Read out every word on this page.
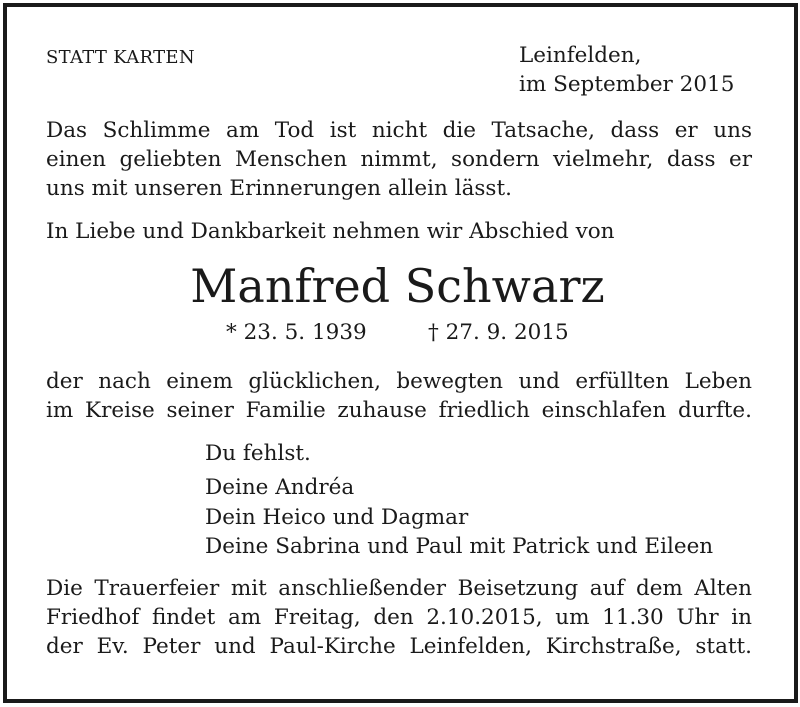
STATT KARTEN	Leinfelden,
im September 2015
Das Schlimme am Tod ist nicht die Tatsache, dass er uns
einen geliebten Menschen nimmt, sondern vielmehr, dass er
uns mit unseren Erinnerungen allein lässt.
In Liebe und Dankbarkeit nehmen wir Abschied von
Manfred Schwarz
* 23. 5. 1939	† 27. 9. 2015
der nach einem glücklichen, bewegten und erfüllten Leben
im Kreise seiner Familie zuhause friedlich einschlafen durfte.
Du fehlst.
Deine Andréa
Dein Heico und Dagmar
Deine Sabrina und Paul mit Patrick und Eileen
Die Trauerfeier mit anschließender Beisetzung auf dem Alten
Friedhof findet am Freitag, den 2.10.2015, um 11.30 Uhr in
der Ev. Peter und Paul-Kirche Leinfelden, Kirchstraße, statt.
